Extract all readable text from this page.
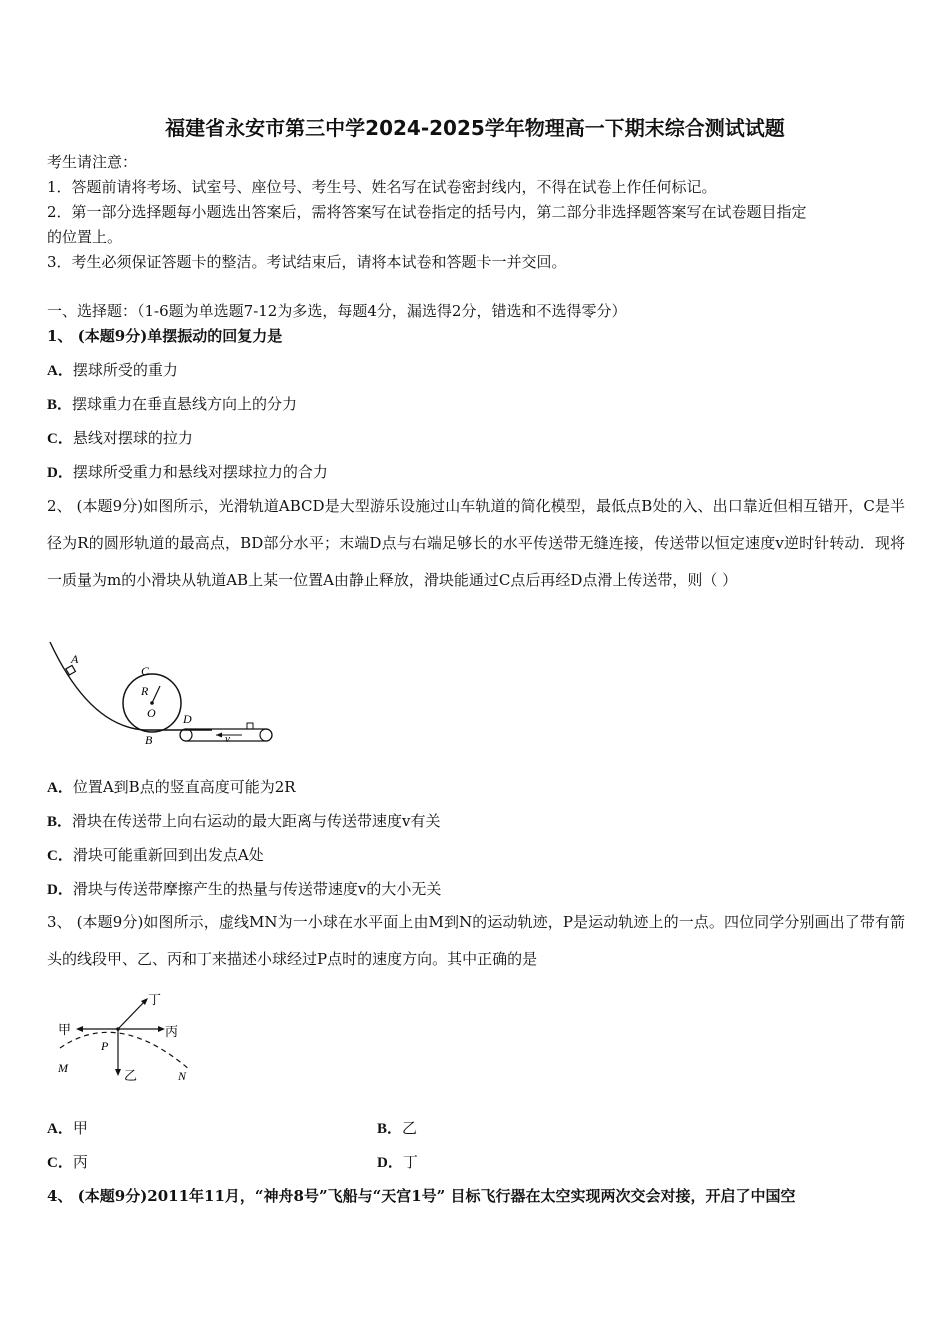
福建省永安市第三中学2024-2025学年物理高一下期末综合测试试题
考生请注意：
1．答题前请将考场、试室号、座位号、考生号、姓名写在试卷密封线内，不得在试卷上作任何标记。
2．第一部分选择题每小题选出答案后，需将答案写在试卷指定的括号内，第二部分非选择题答案写在试卷题目指定
的位置上。
3．考生必须保证答题卡的整洁。考试结束后，请将本试卷和答题卡一并交回。
一、选择题：（1-6题为单选题7-12为多选，每题4分，漏选得2分，错选和不选得零分）
1、 (本题9分)单摆振动的回复力是
A．摆球所受的重力
B．摆球重力在垂直悬线方向上的分力
C．悬线对摆球的拉力
D．摆球所受重力和悬线对摆球拉力的合力
2、 (本题9分)如图所示，光滑轨道ABCD是大型游乐设施过山车轨道的简化模型，最低点B处的入、出口靠近但相互错开，C是半径为R的圆形轨道的最高点，BD部分水平；末端D点与右端足够长的水平传送带无缝连接，传送带以恒定速度v逆时针转动．现将一质量为m的小滑块从轨道AB上某一位置A由静止释放，滑块能通过C点后再经D点滑上传送带，则（ ）
A
C
R
O D
B	v
A．位置A到B点的竖直高度可能为2R
B．滑块在传送带上向右运动的最大距离与传送带速度v有关
C．滑块可能重新回到出发点A处
D．滑块与传送带摩擦产生的热量与传送带速度v的大小无关
3、 (本题9分)如图所示，虚线MN为一小球在水平面上由M到N的运动轨迹，P是运动轨迹上的一点。四位同学分别画出了带有箭头的线段甲、乙、丙和丁来描述小球经过P点时的速度方向。其中正确的是
甲	丙
乙
丁
P
M
N
A．甲	B．乙
C．丙	D．丁
4、 (本题9分)2011年11月，“神舟8号”飞船与“天宫1号” 目标飞行器在太空实现两次交会对接，开启了中国空
